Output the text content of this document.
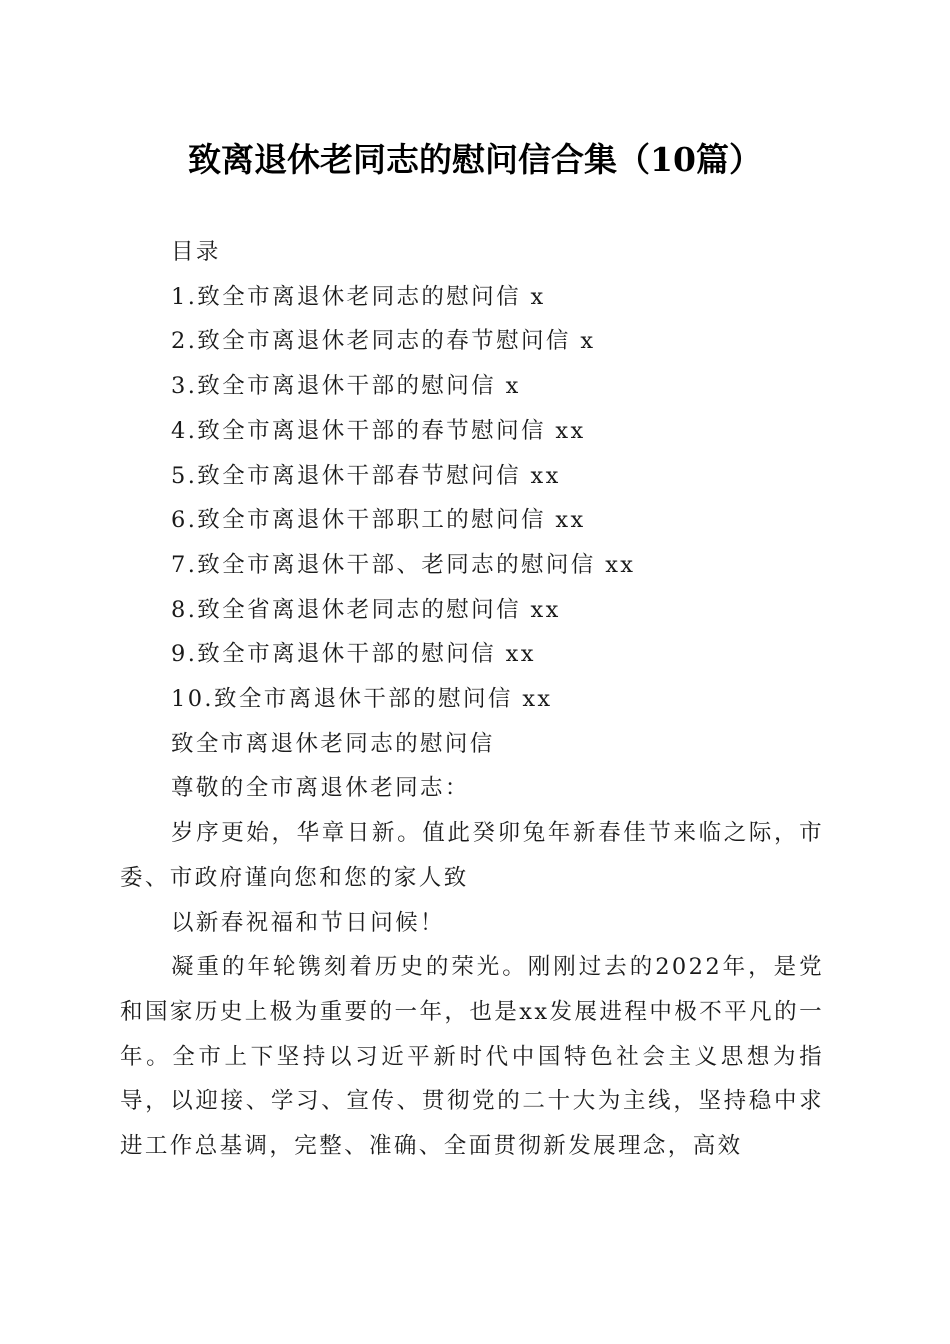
致离退休老同志的慰问信合集（10篇）
目录
1.致全市离退休老同志的慰问信 x
2.致全市离退休老同志的春节慰问信 x
3.致全市离退休干部的慰问信 x
4.致全市离退休干部的春节慰问信 xx
5.致全市离退休干部春节慰问信 xx
6.致全市离退休干部职工的慰问信 xx
7.致全市离退休干部、老同志的慰问信 xx
8.致全省离退休老同志的慰问信 xx
9.致全市离退休干部的慰问信 xx
10.致全市离退休干部的慰问信 xx
致全市离退休老同志的慰问信
尊敬的全市离退休老同志：

岁序更始，华章日新。值此癸卯兔年新春佳节来临之际，市委、市政府谨向您和您的家人致

以新春祝福和节日问候！

凝重的年轮镌刻着历史的荣光。刚刚过去的2022年，是党和国家历史上极为重要的一年，也是xx发展进程中极不平凡的一年。全市上下坚持以习近平新时代中国特色社会主义思想为指导，以迎接、学习、宣传、贯彻党的二十大为主线，坚持稳中求进工作总基调，完整、准确、全面贯彻新发展理念，高效
